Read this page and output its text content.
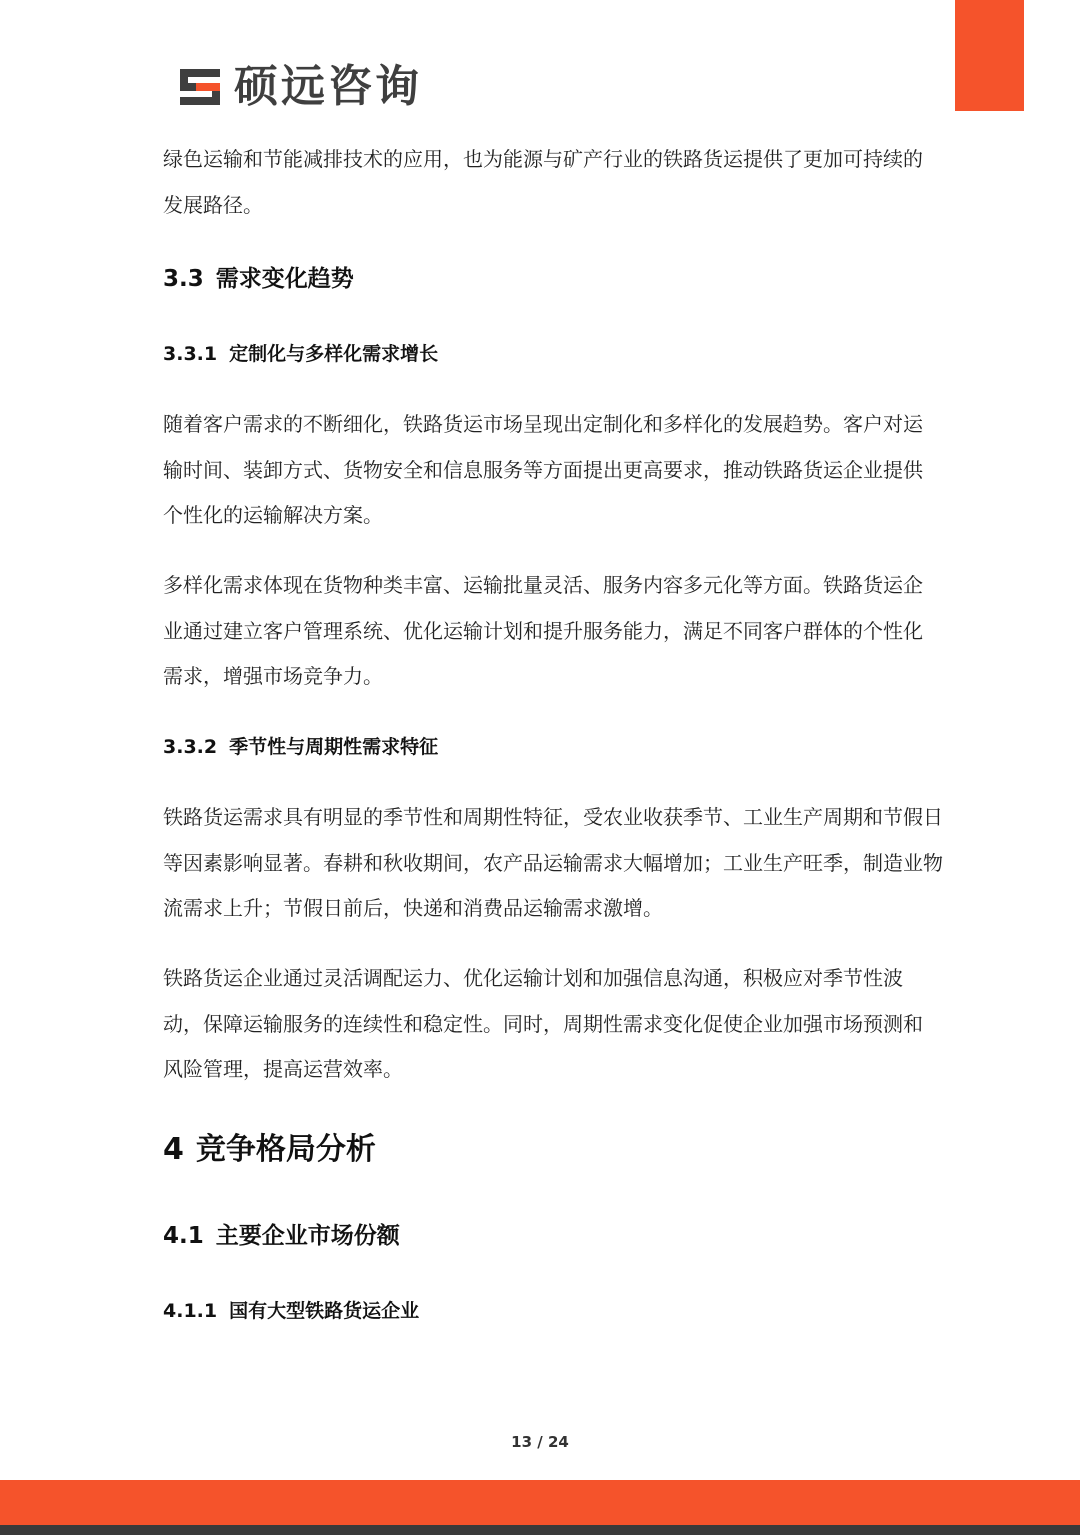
硕远咨询

绿色运输和节能减排技术的应用，也为能源与矿产行业的铁路货运提供了更加可持续的发展路径。

3.3 需求变化趋势
3.3.1 定制化与多样化需求增长

随着客户需求的不断细化，铁路货运市场呈现出定制化和多样化的发展趋势。客户对运输时间、装卸方式、货物安全和信息服务等方面提出更高要求，推动铁路货运企业提供个性化的运输解决方案。

多样化需求体现在货物种类丰富、运输批量灵活、服务内容多元化等方面。铁路货运企业通过建立客户管理系统、优化运输计划和提升服务能力，满足不同客户群体的个性化需求，增强市场竞争力。

3.3.2 季节性与周期性需求特征

铁路货运需求具有明显的季节性和周期性特征，受农业收获季节、工业生产周期和节假日等因素影响显著。春耕和秋收期间，农产品运输需求大幅增加；工业生产旺季，制造业物流需求上升；节假日前后，快递和消费品运输需求激增。

铁路货运企业通过灵活调配运力、优化运输计划和加强信息沟通，积极应对季节性波动，保障运输服务的连续性和稳定性。同时，周期性需求变化促使企业加强市场预测和风险管理，提高运营效率。

4 竞争格局分析
4.1 主要企业市场份额
4.1.1 国有大型铁路货运企业
13 / 24
